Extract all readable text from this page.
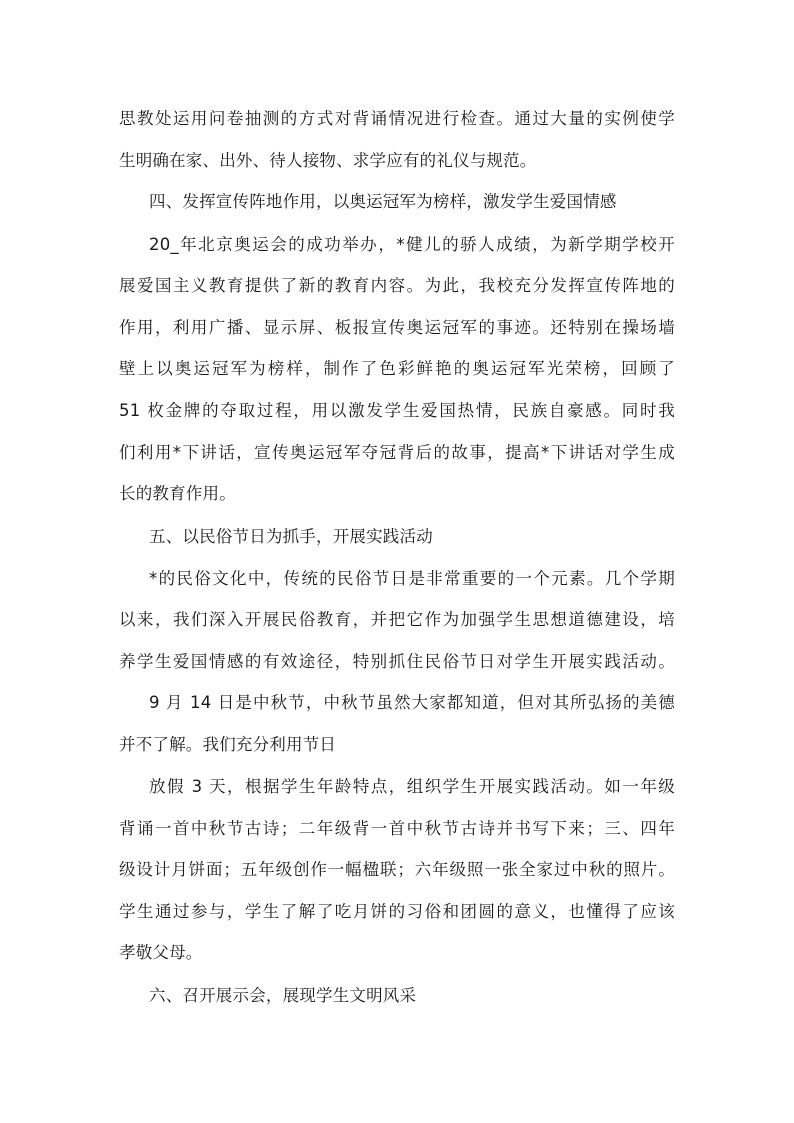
思教处运用问卷抽测的方式对背诵情况进行检查。通过大量的实例使学
生明确在家、出外、待人接物、求学应有的礼仪与规范。
四、发挥宣传阵地作用，以奥运冠军为榜样，激发学生爱国情感
20_年北京奥运会的成功举办，*健儿的骄人成绩，为新学期学校开
展爱国主义教育提供了新的教育内容。为此，我校充分发挥宣传阵地的
作用，利用广播、显示屏、板报宣传奥运冠军的事迹。还特别在操场墙
壁上以奥运冠军为榜样，制作了色彩鲜艳的奥运冠军光荣榜，回顾了
51 枚金牌的夺取过程，用以激发学生爱国热情，民族自豪感。同时我
们利用*下讲话，宣传奥运冠军夺冠背后的故事，提高*下讲话对学生成
长的教育作用。
五、以民俗节日为抓手，开展实践活动
*的民俗文化中，传统的民俗节日是非常重要的一个元素。几个学期
以来，我们深入开展民俗教育，并把它作为加强学生思想道德建设，培
养学生爱国情感的有效途径，特别抓住民俗节日对学生开展实践活动。
9 月 14 日是中秋节，中秋节虽然大家都知道，但对其所弘扬的美德
并不了解。我们充分利用节日
放假 3 天，根据学生年龄特点，组织学生开展实践活动。如一年级
背诵一首中秋节古诗；二年级背一首中秋节古诗并书写下来；三、四年
级设计月饼面；五年级创作一幅楹联；六年级照一张全家过中秋的照片。
学生通过参与，学生了解了吃月饼的习俗和团圆的意义，也懂得了应该
孝敬父母。
六、召开展示会，展现学生文明风采
